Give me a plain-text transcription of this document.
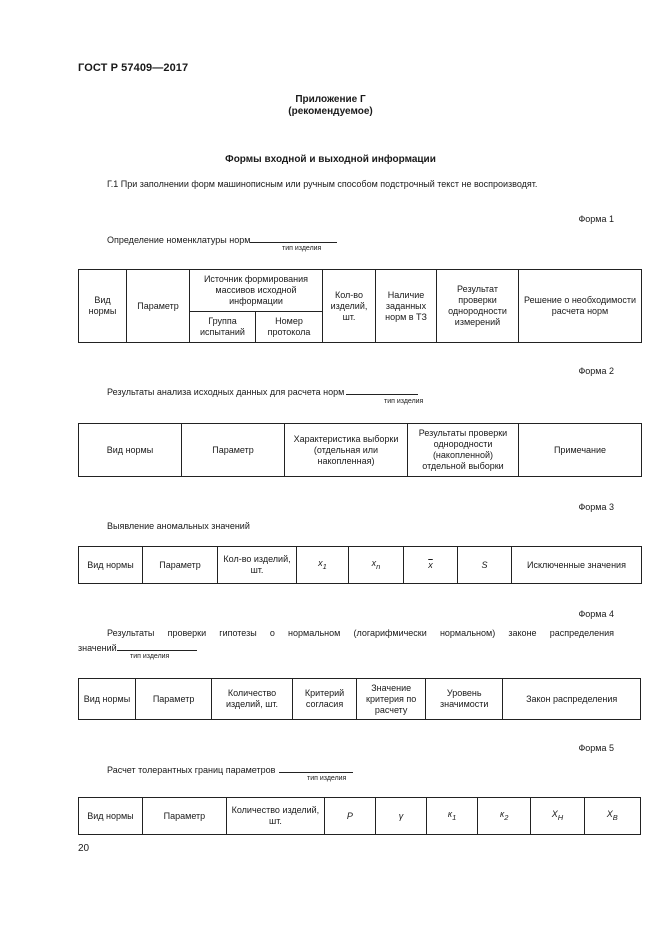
ГОСТ Р 57409—2017
Приложение Г
(рекомендуемое)
Формы входной и выходной информации
Г.1 При заполнении форм машинописным или ручным способом подстрочный текст не воспроизводят.
Форма 1
Определение номенклатуры норм
тип изделия
Вид нормы	Параметр	Источник формирования массивов исходной информации		Кол-во изделий, шт.	Наличие заданных норм в ТЗ	Результат проверки однородности измерений	Решение о необходимости расчета норм
		Группа испытаний	Номер протокола				
Форма 2
Результаты анализа исходных данных для расчета норм
тип изделия
Вид нормы	Параметр	Характеристика выборки (отдельная или накопленная)	Результаты проверки однородности (накопленной) отдельной выборки	Примечание
Форма 3
Выявление аномальных значений
Вид нормы	Параметр	Кол-во изделий, шт.	$x_1$	$x_n$	$\overline{x}$	S	Исключенные значения
Форма 4
Результаты проверки гипотезы о нормальном (логарифмически нормальном) законе распределения
значений
тип изделия
Вид нормы	Параметр	Количество изделий, шт.	Критерий согласия	Значение критерия по расчету	Уровень значимости	Закон распределения
Форма 5
Расчет толерантных границ параметров
тип изделия
Вид нормы	Параметр	Количество изделий, шт.	P	γ	$к_1$	$к_2$	$X_Н$	$X_В$
20
